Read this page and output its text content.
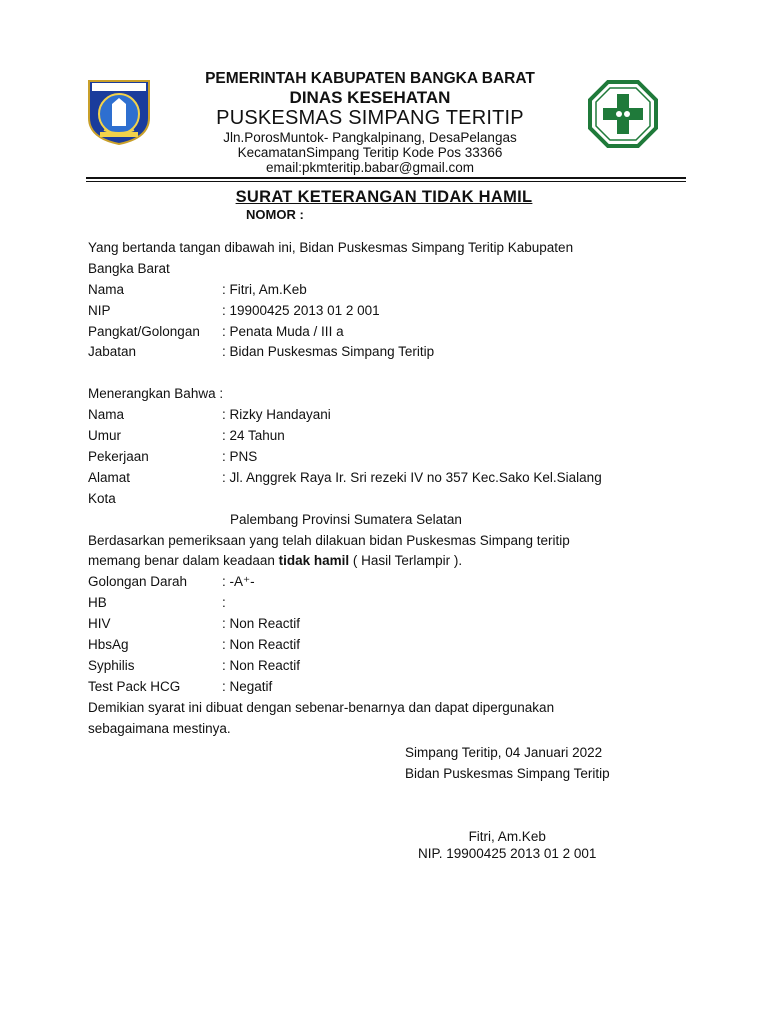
PEMERINTAH KABUPATEN BANGKA BARAT
DINAS KESEHATAN
PUSKESMAS SIMPANG TERITIP
Jln.PorosMuntok- Pangkalpinang, DesaPelangas
KecamatanSimpang Teritip Kode Pos 33366
email:pkmteritip.babar@gmail.com
SURAT KETERANGAN TIDAK HAMIL
NOMOR :
Yang bertanda tangan dibawah ini, Bidan Puskesmas Simpang Teritip Kabupaten
Bangka Barat
Nama	: Fitri, Am.Keb
NIP	: 19900425 2013 01 2 001
Pangkat/Golongan : Penata Muda / III a
Jabatan	: Bidan Puskesmas Simpang Teritip
Menerangkan Bahwa :
Nama	: Rizky Handayani
Umur	: 24 Tahun
Pekerjaan	: PNS
Alamat	: Jl. Anggrek Raya Ir. Sri rezeki IV no 357 Kec.Sako Kel.Sialang
Kota
Palembang Provinsi Sumatera Selatan
Berdasarkan pemeriksaan yang telah dilakuan bidan Puskesmas Simpang teritip
memang benar dalam keadaan tidak hamil ( Hasil Terlampir ).
Golongan Darah	: -A⁺-
HB	:
HIV	: Non Reactif
HbsAg	: Non Reactif
Syphilis	: Non Reactif
Test Pack HCG	: Negatif
Demikian syarat ini dibuat dengan sebenar-benarnya dan dapat dipergunakan
sebagaimana mestinya.
Simpang Teritip, 04 Januari 2022
Bidan Puskesmas Simpang Teritip
Fitri, Am.Keb
NIP. 19900425 2013 01 2 001
